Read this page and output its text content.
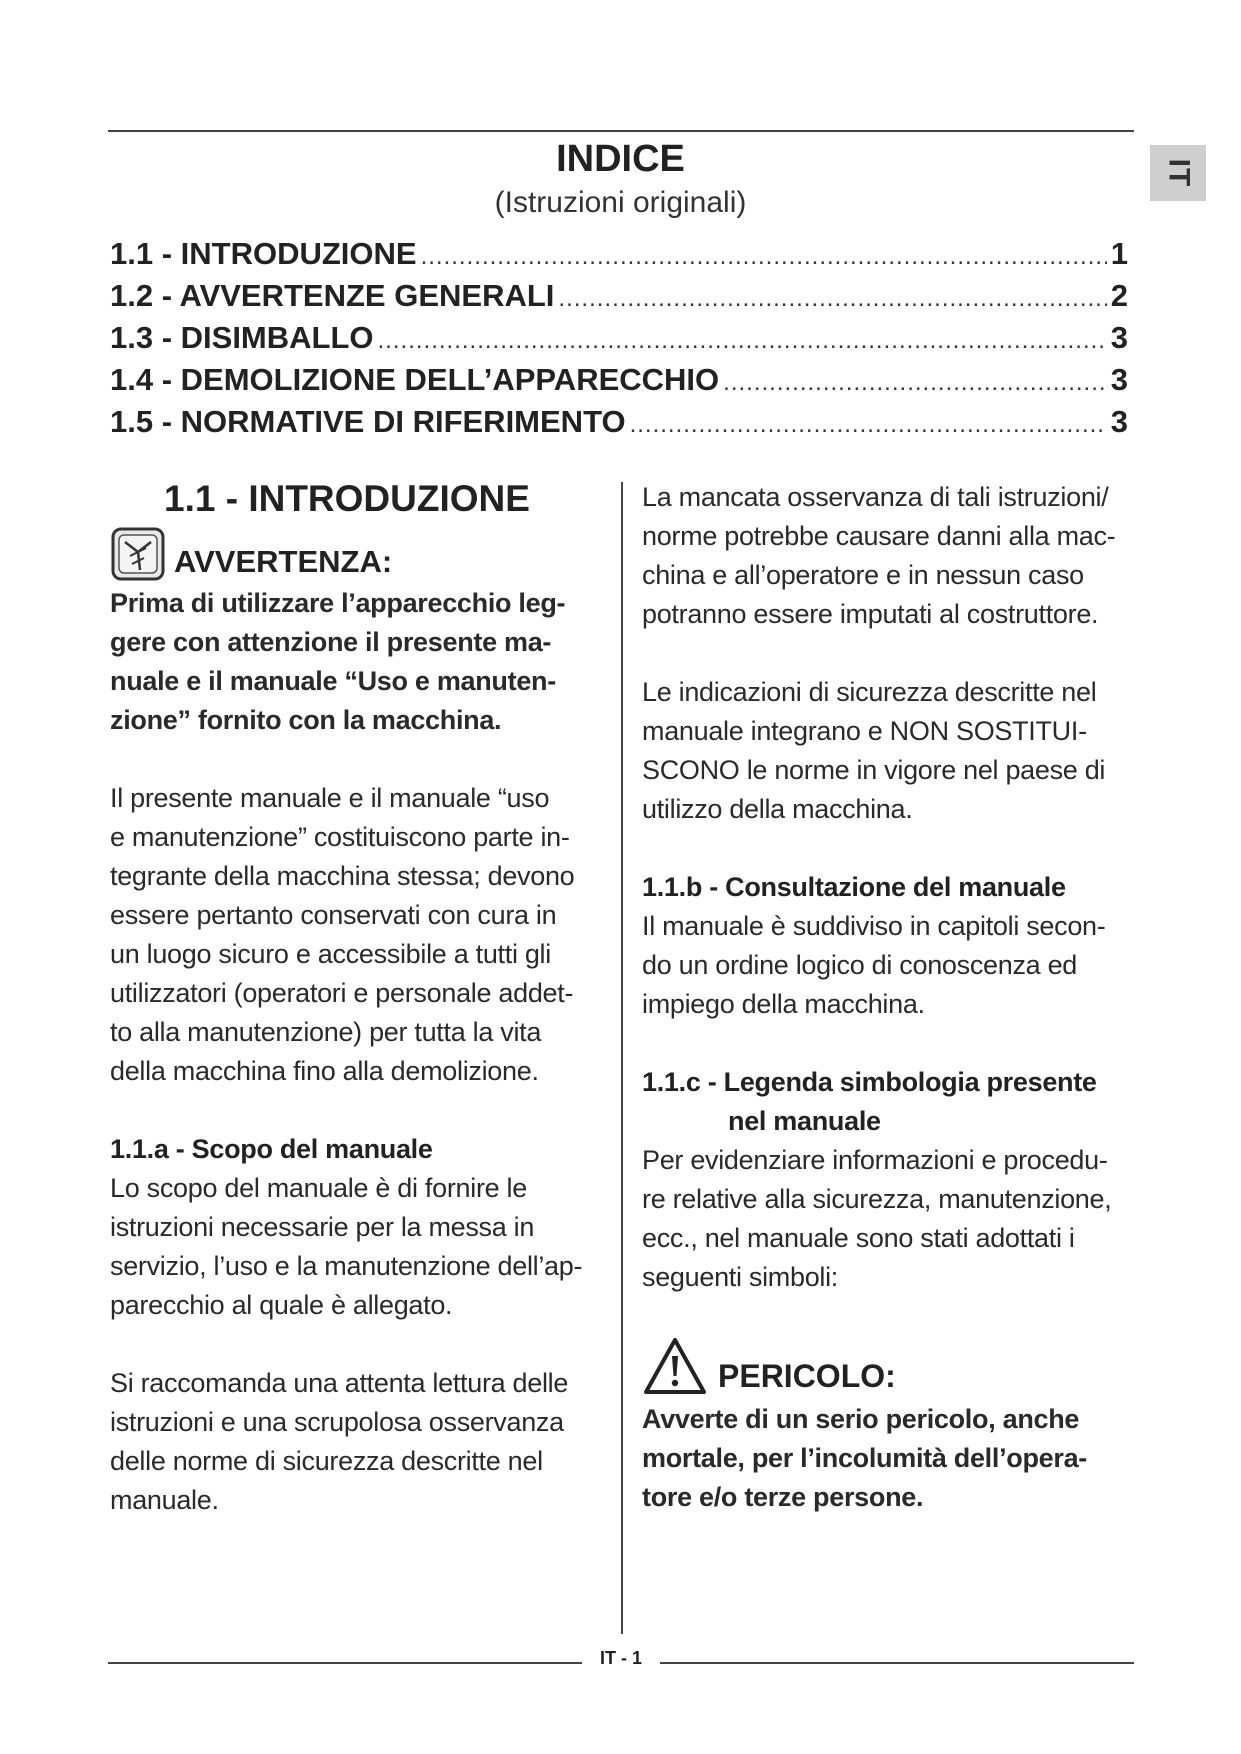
IT
INDICE
(Istruzioni originali)
1.1 - INTRODUZIONE .....	1
1.2 - AVVERTENZE GENERALI .....	2
1.3 - DISIMBALLO .....	3
1.4 - DEMOLIZIONE DELL’APPARECCHIO .....	3
1.5 - NORMATIVE DI RIFERIMENTO .....	3
1.1 - INTRODUZIONE
AVVERTENZA:

Prima di utilizzare l’apparecchio leg-

gere con attenzione il presente ma-

nuale e il manuale “Uso e manuten-

zione” fornito con la macchina.

Il presente manuale e il manuale “uso

e manutenzione” costituiscono parte in-

tegrante della macchina stessa; devono

essere pertanto conservati con cura in

un luogo sicuro e accessibile a tutti gli

utilizzatori (operatori e personale addet-

to alla manutenzione) per tutta la vita

della macchina fino alla demolizione.

1.1.a - Scopo del manuale

Lo scopo del manuale è di fornire le

istruzioni necessarie per la messa in

servizio, l’uso e la manutenzione dell’ap-

parecchio al quale è allegato.

Si raccomanda una attenta lettura delle

istruzioni e una scrupolosa osservanza

delle norme di sicurezza descritte nel

manuale.

La mancata osservanza di tali istruzioni/

norme potrebbe causare danni alla mac-

china e all’operatore e in nessun caso

potranno essere imputati al costruttore.

Le indicazioni di sicurezza descritte nel

manuale integrano e NON SOSTITUI-

SCONO le norme in vigore nel paese di

utilizzo della macchina.

1.1.b - Consultazione del manuale

Il manuale è suddiviso in capitoli secon-

do un ordine logico di conoscenza ed

impiego della macchina.

1.1.c - Legenda simbologia presente

nel manuale

Per evidenziare informazioni e procedu-

re relative alla sicurezza, manutenzione,

ecc., nel manuale sono stati adottati i

seguenti simboli:

PERICOLO:

Avverte di un serio pericolo, anche

mortale, per l’incolumità dell’opera-

tore e/o terze persone.

IT - 1
